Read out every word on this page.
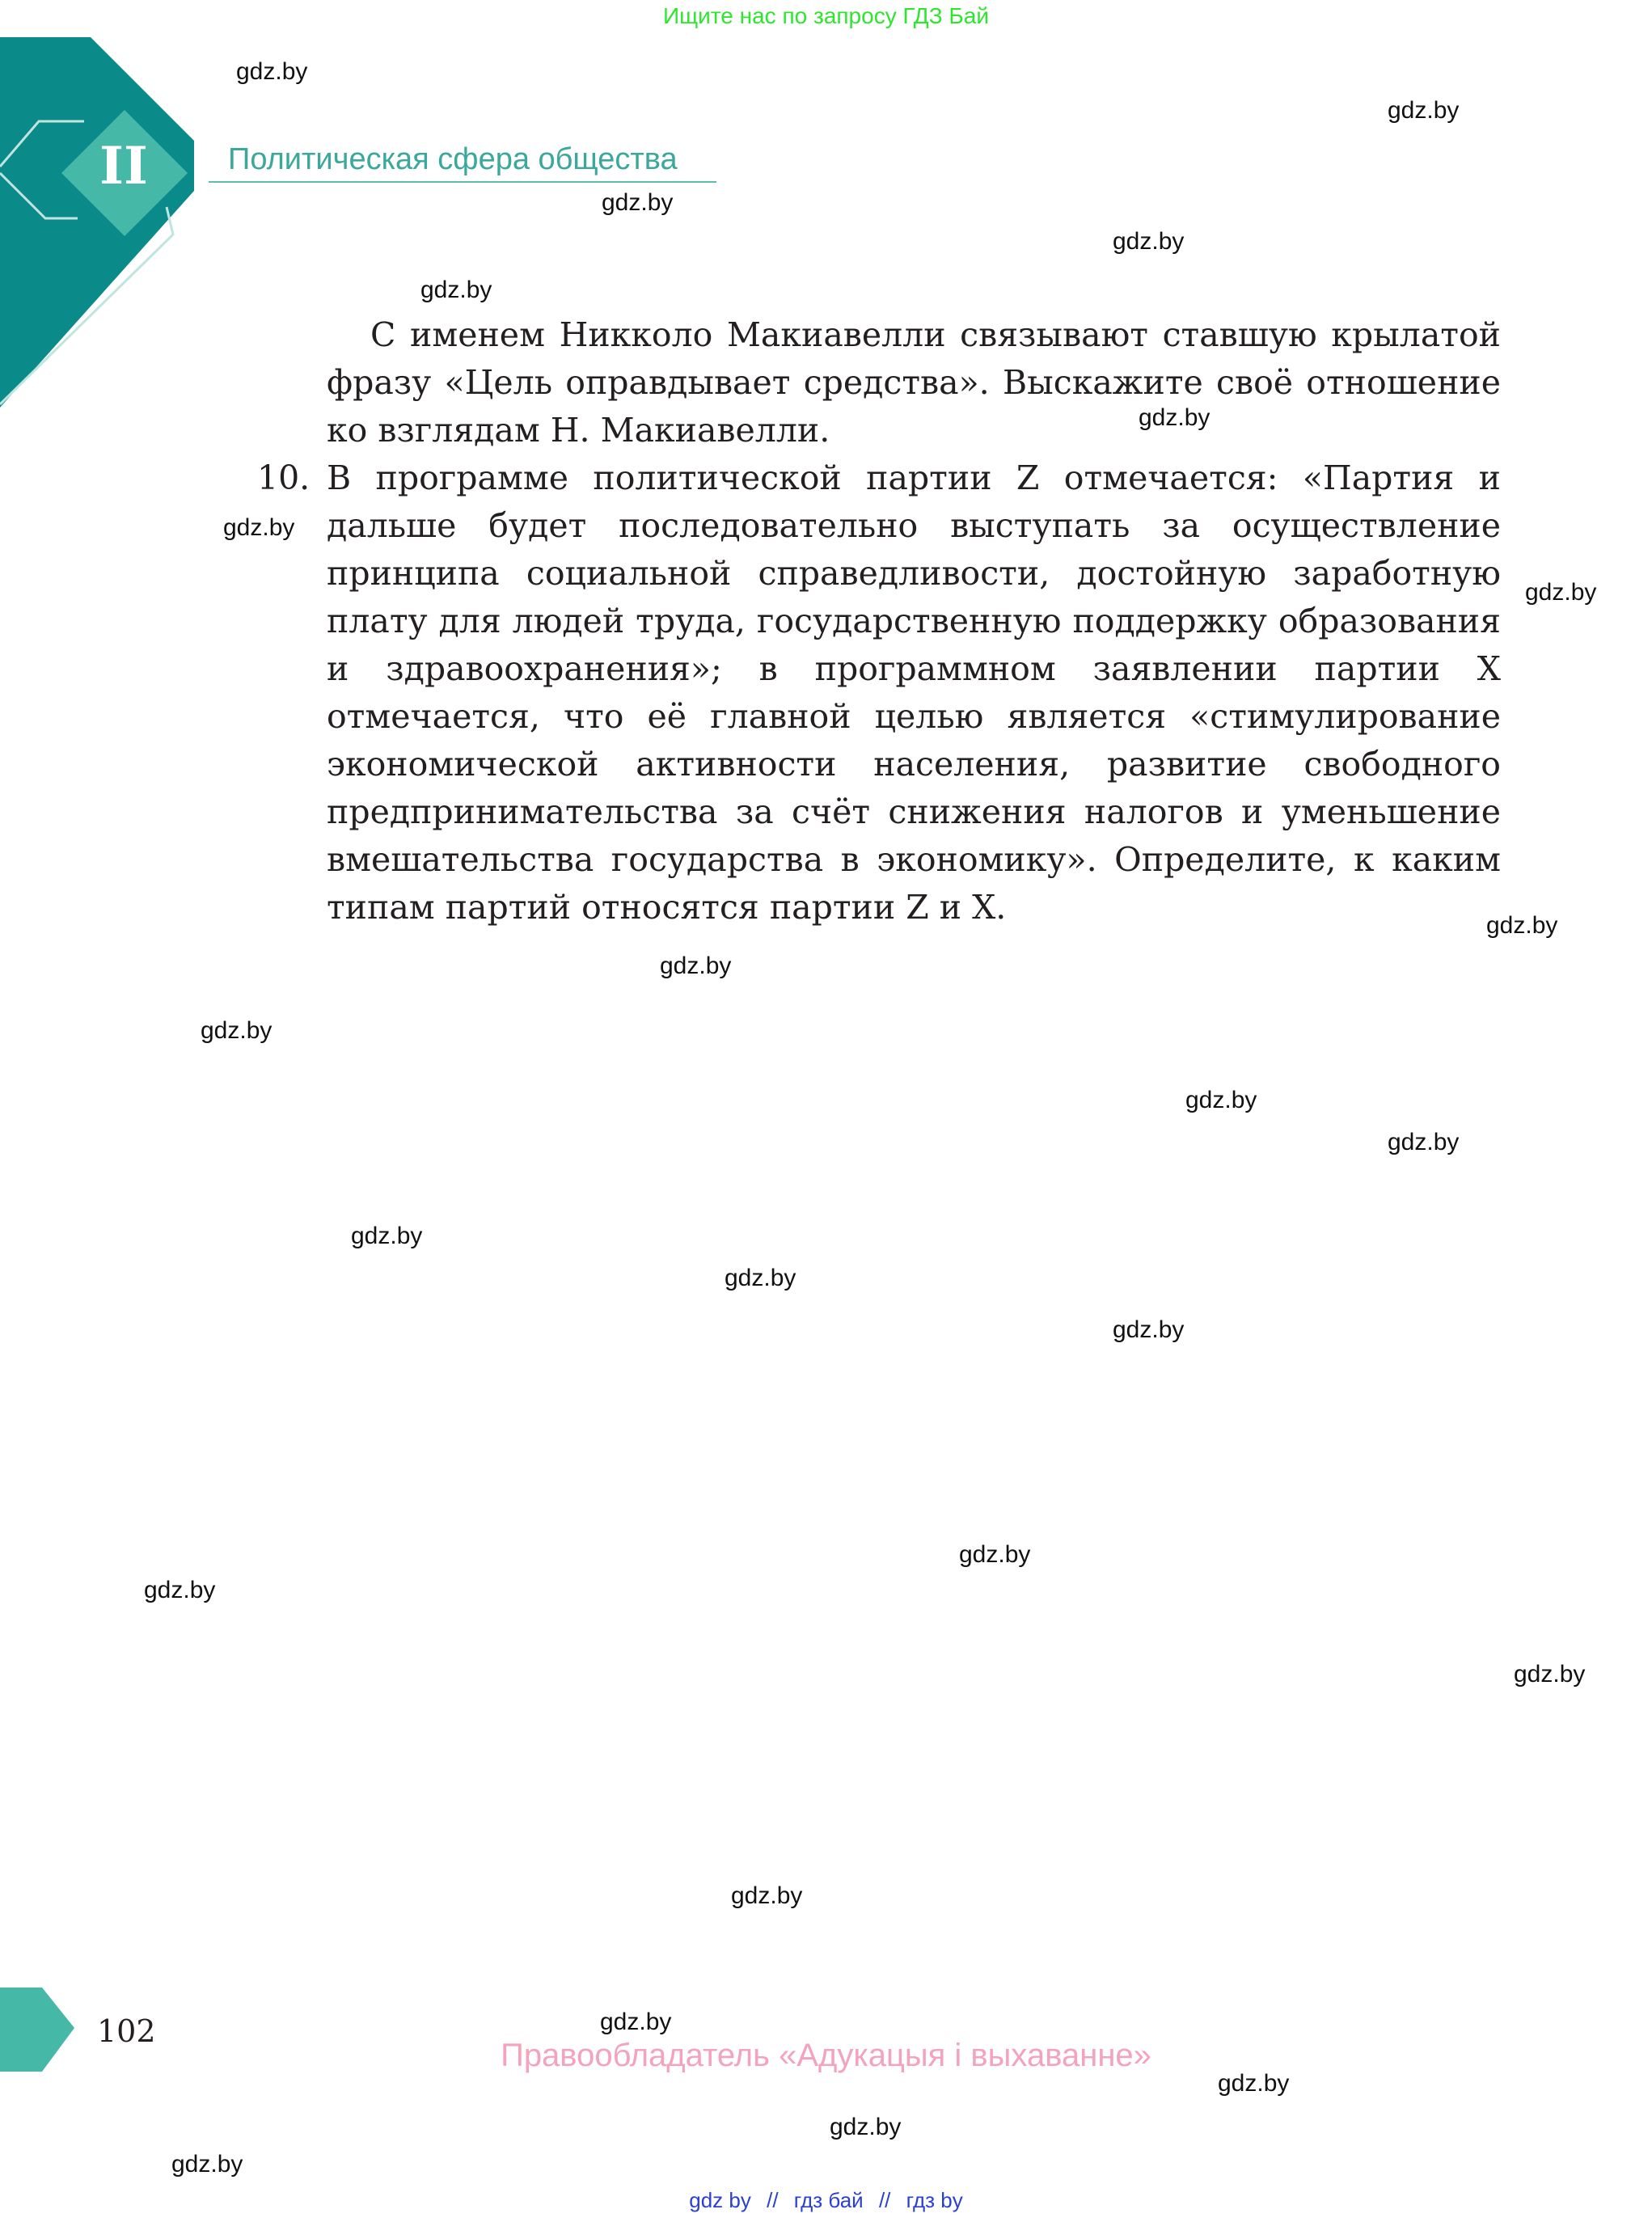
Ищите нас по запросу ГДЗ Бай
II	Политическая сфера общества
С именем Никколо Макиавелли связывают ставшую крылатой фразу «Цель оправдывает средства». Выскажите своё отношение ко взглядам Н. Макиавелли.
10. В программе политической партии Z отмечается: «Партия и дальше будет последовательно выступать за осуществление принципа социальной справедливости, достойную заработную плату для людей труда, государственную поддержку образования и здравоохранения»; в программном заявлении партии X отмечается, что её главной целью является «стимулирование экономической активности населения, развитие свободного предпринимательства за счёт снижения налогов и уменьшение вмешательства государства в экономику». Определите, к каким типам партий относятся партии Z и X.
gdz.by
gdz.by
gdz.by
gdz.by
gdz.by
gdz.by
gdz.by
gdz.by
gdz.by
gdz.by
gdz.by
gdz.by
gdz.by
gdz.by
gdz.by
gdz.by
gdz.by
gdz.by
gdz.by
gdz.by
gdz.by
gdz.by
gdz.by
gdz.by
102
Правообладатель «Адукацыя і выхаванне»
gdz by // гдз бай // гдз by
